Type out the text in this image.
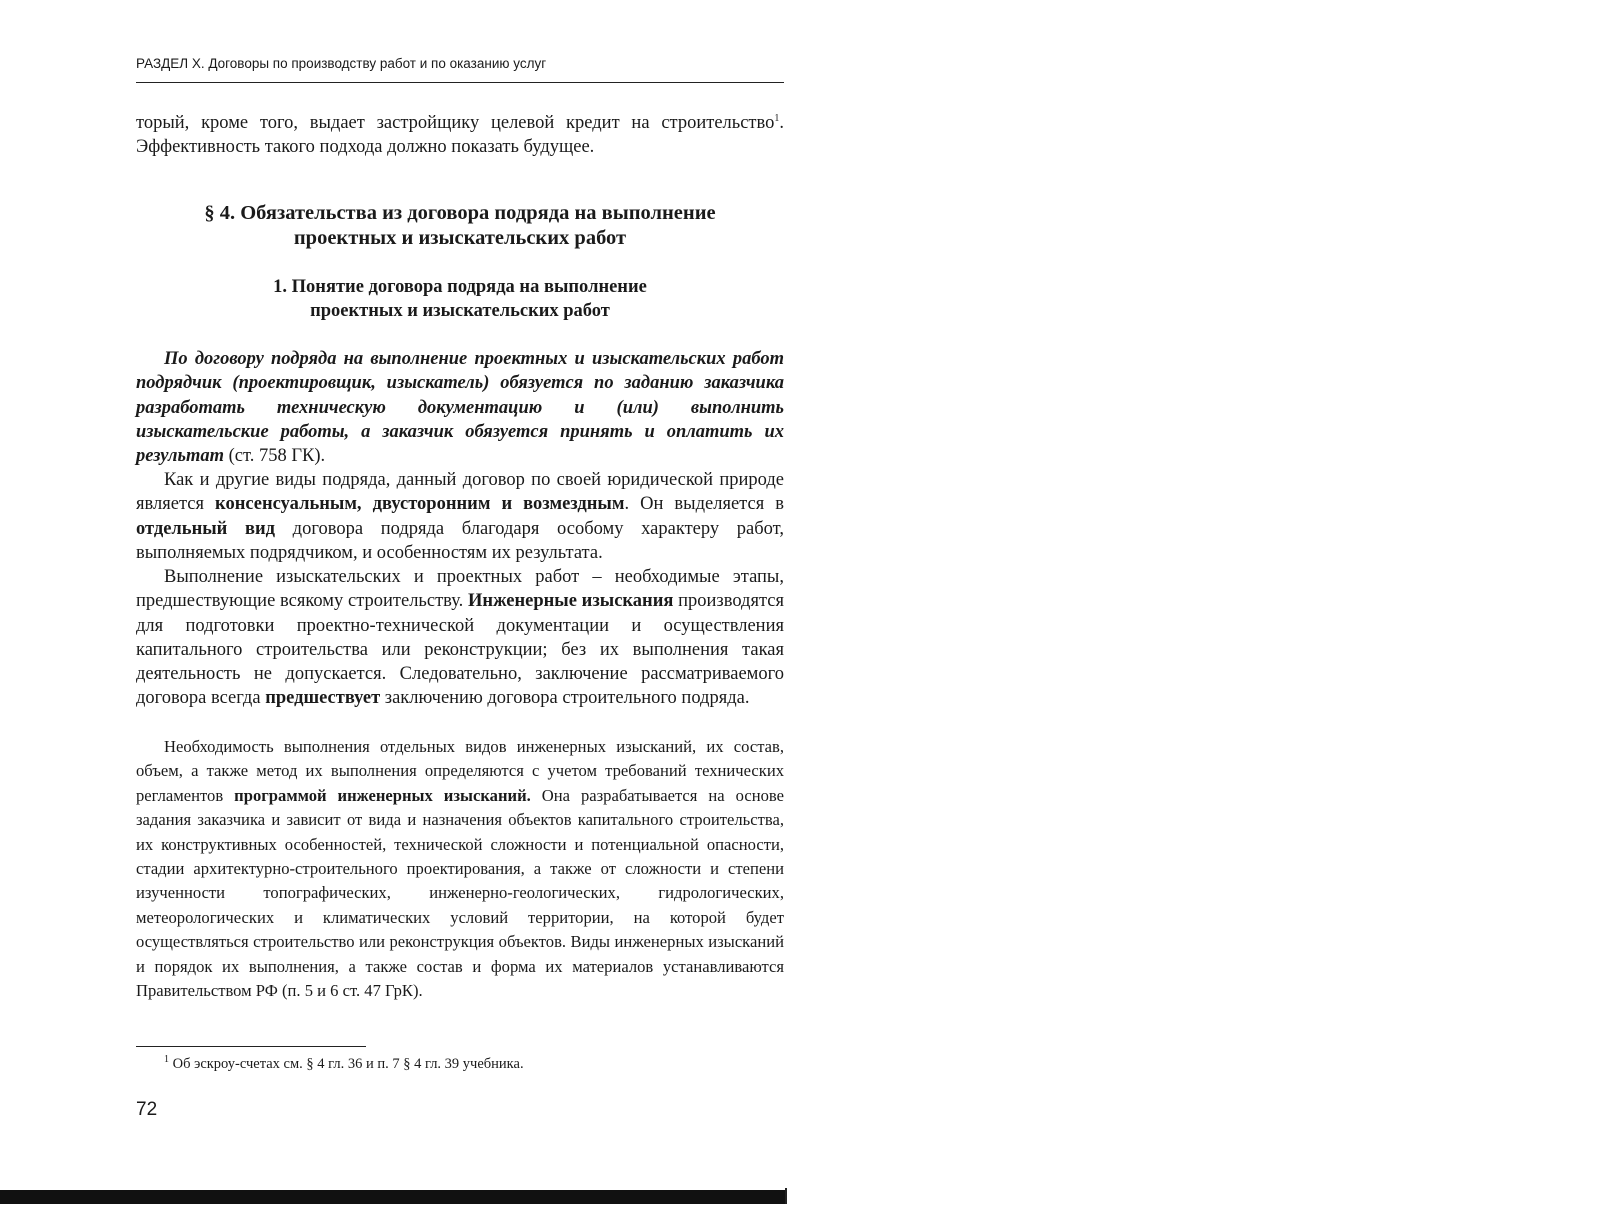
РАЗДЕЛ X. Договоры по производству работ и по оказанию услуг

торый, кроме того, выдает застройщику целевой кредит на строительство$^1$. Эффективность такого подхода должно показать будущее.

§ 4. Обязательства из договора подряда на выполнение
проектных и изыскательских работ
1. Понятие договора подряда на выполнение
проектных и изыскательских работ

По договору подряда на выполнение проектных и изыскательских работ подрядчик (проектировщик, изыскатель) обязуется по заданию заказчика разработать техническую документацию и (или) выполнить изыскательские работы, а заказчик обязуется принять и оплатить их результат (ст. 758 ГК).

Как и другие виды подряда, данный договор по своей юридической природе является консенсуальным, двусторонним и возмездным. Он выделяется в отдельный вид договора подряда благодаря особому характеру работ, выполняемых подрядчиком, и особенностям их результата.

Выполнение изыскательских и проектных работ – необходимые этапы, предшествующие всякому строительству. Инженерные изыскания производятся для подготовки проектно-технической документации и осуществления капитального строительства или реконструкции; без их выполнения такая деятельность не допускается. Следовательно, заключение рассматриваемого договора всегда предшествует заключению договора строительного подряда.

Необходимость выполнения отдельных видов инженерных изысканий, их состав, объем, а также метод их выполнения определяются с учетом требований технических регламентов программой инженерных изысканий. Она разрабатывается на основе задания заказчика и зависит от вида и назначения объектов капитального строительства, их конструктивных особенностей, технической сложности и потенциальной опасности, стадии архитектурно-строительного проектирования, а также от сложности и степени изученности топографических, инженерно-геологических, гидрологических, метеорологических и климатических условий территории, на которой будет осуществляться строительство или реконструкция объектов. Виды инженерных изысканий и порядок их выполнения, а также состав и форма их материалов устанавливаются Правительством РФ (п. 5 и 6 ст. 47 ГрК).

$^1$ Об эскроу-счетах см. § 4 гл. 36 и п. 7 § 4 гл. 39 учебника.
72
